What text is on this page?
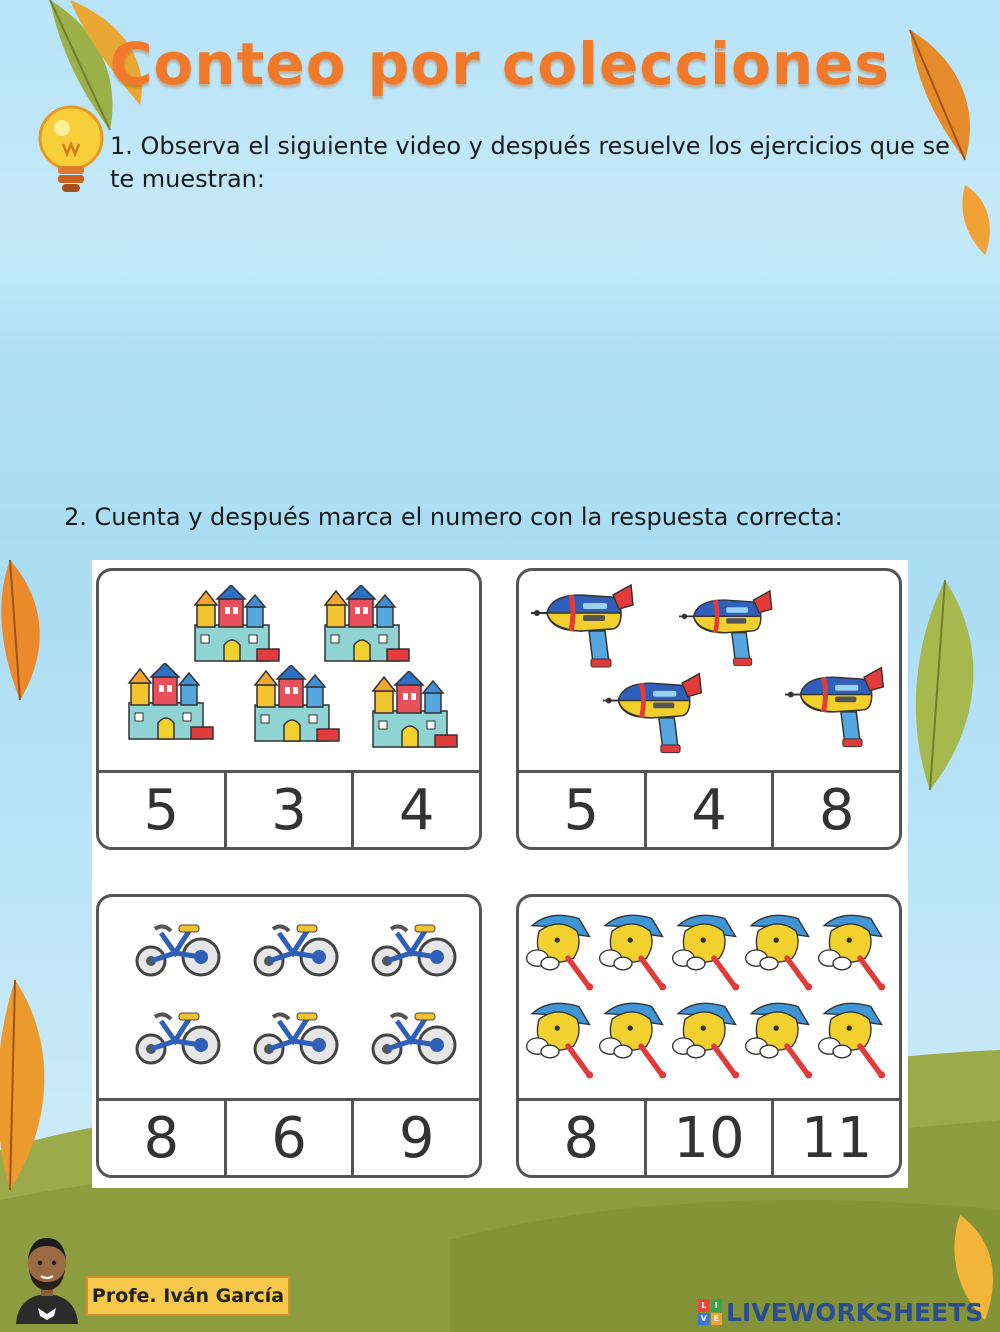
Conteo por colecciones
1. Observa el siguiente video y después resuelve los ejercicios que se te muestran:
2. Cuenta y después marca el numero con la respuesta correcta:
5	3	4	5	4	8
8	6	9	8	10	11
Profe. Iván García	L	I
V E LIVEWORKSHEETS
